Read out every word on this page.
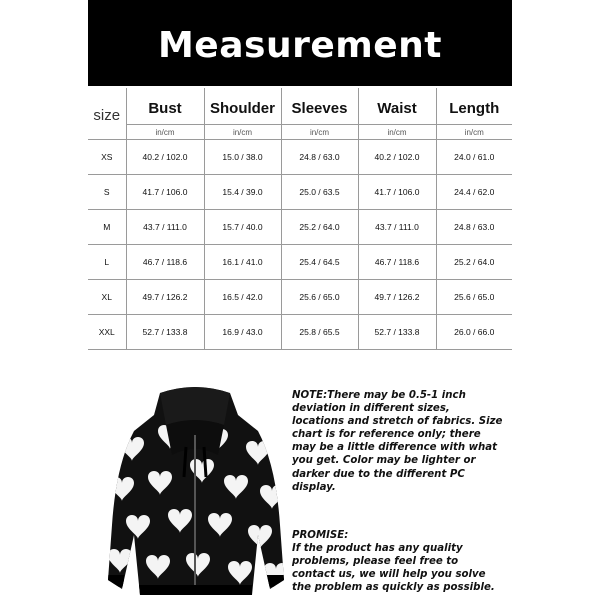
Measurement
size	Bust	Shoulder	Sleeves	Waist	Length
	in/cm	in/cm	in/cm	in/cm	in/cm
XS	40.2 / 102.0	15.0 / 38.0	24.8 / 63.0	40.2 / 102.0	24.0 / 61.0
S	41.7 / 106.0	15.4 / 39.0	25.0 / 63.5	41.7 / 106.0	24.4 / 62.0
M	43.7 / 111.0	15.7 / 40.0	25.2 / 64.0	43.7 / 111.0	24.8 / 63.0
L	46.7 / 118.6	16.1 / 41.0	25.4 / 64.5	46.7 / 118.6	25.2 / 64.0
XL	49.7 / 126.2	16.5 / 42.0	25.6 / 65.0	49.7 / 126.2	25.6 / 65.0
XXL	52.7 / 133.8	16.9 / 43.0	25.8 / 65.5	52.7 / 133.8	26.0 / 66.0
NOTE:There may be 0.5-1 inch
deviation in different sizes,
locations and stretch of fabrics. Size
chart is for reference only; there
may be a little difference with what
you get. Color may be lighter or
darker due to the different PC
display.
PROMISE:
If the product has any quality
problems, please feel free to
contact us, we will help you solve
the problem as quickly as possible.
